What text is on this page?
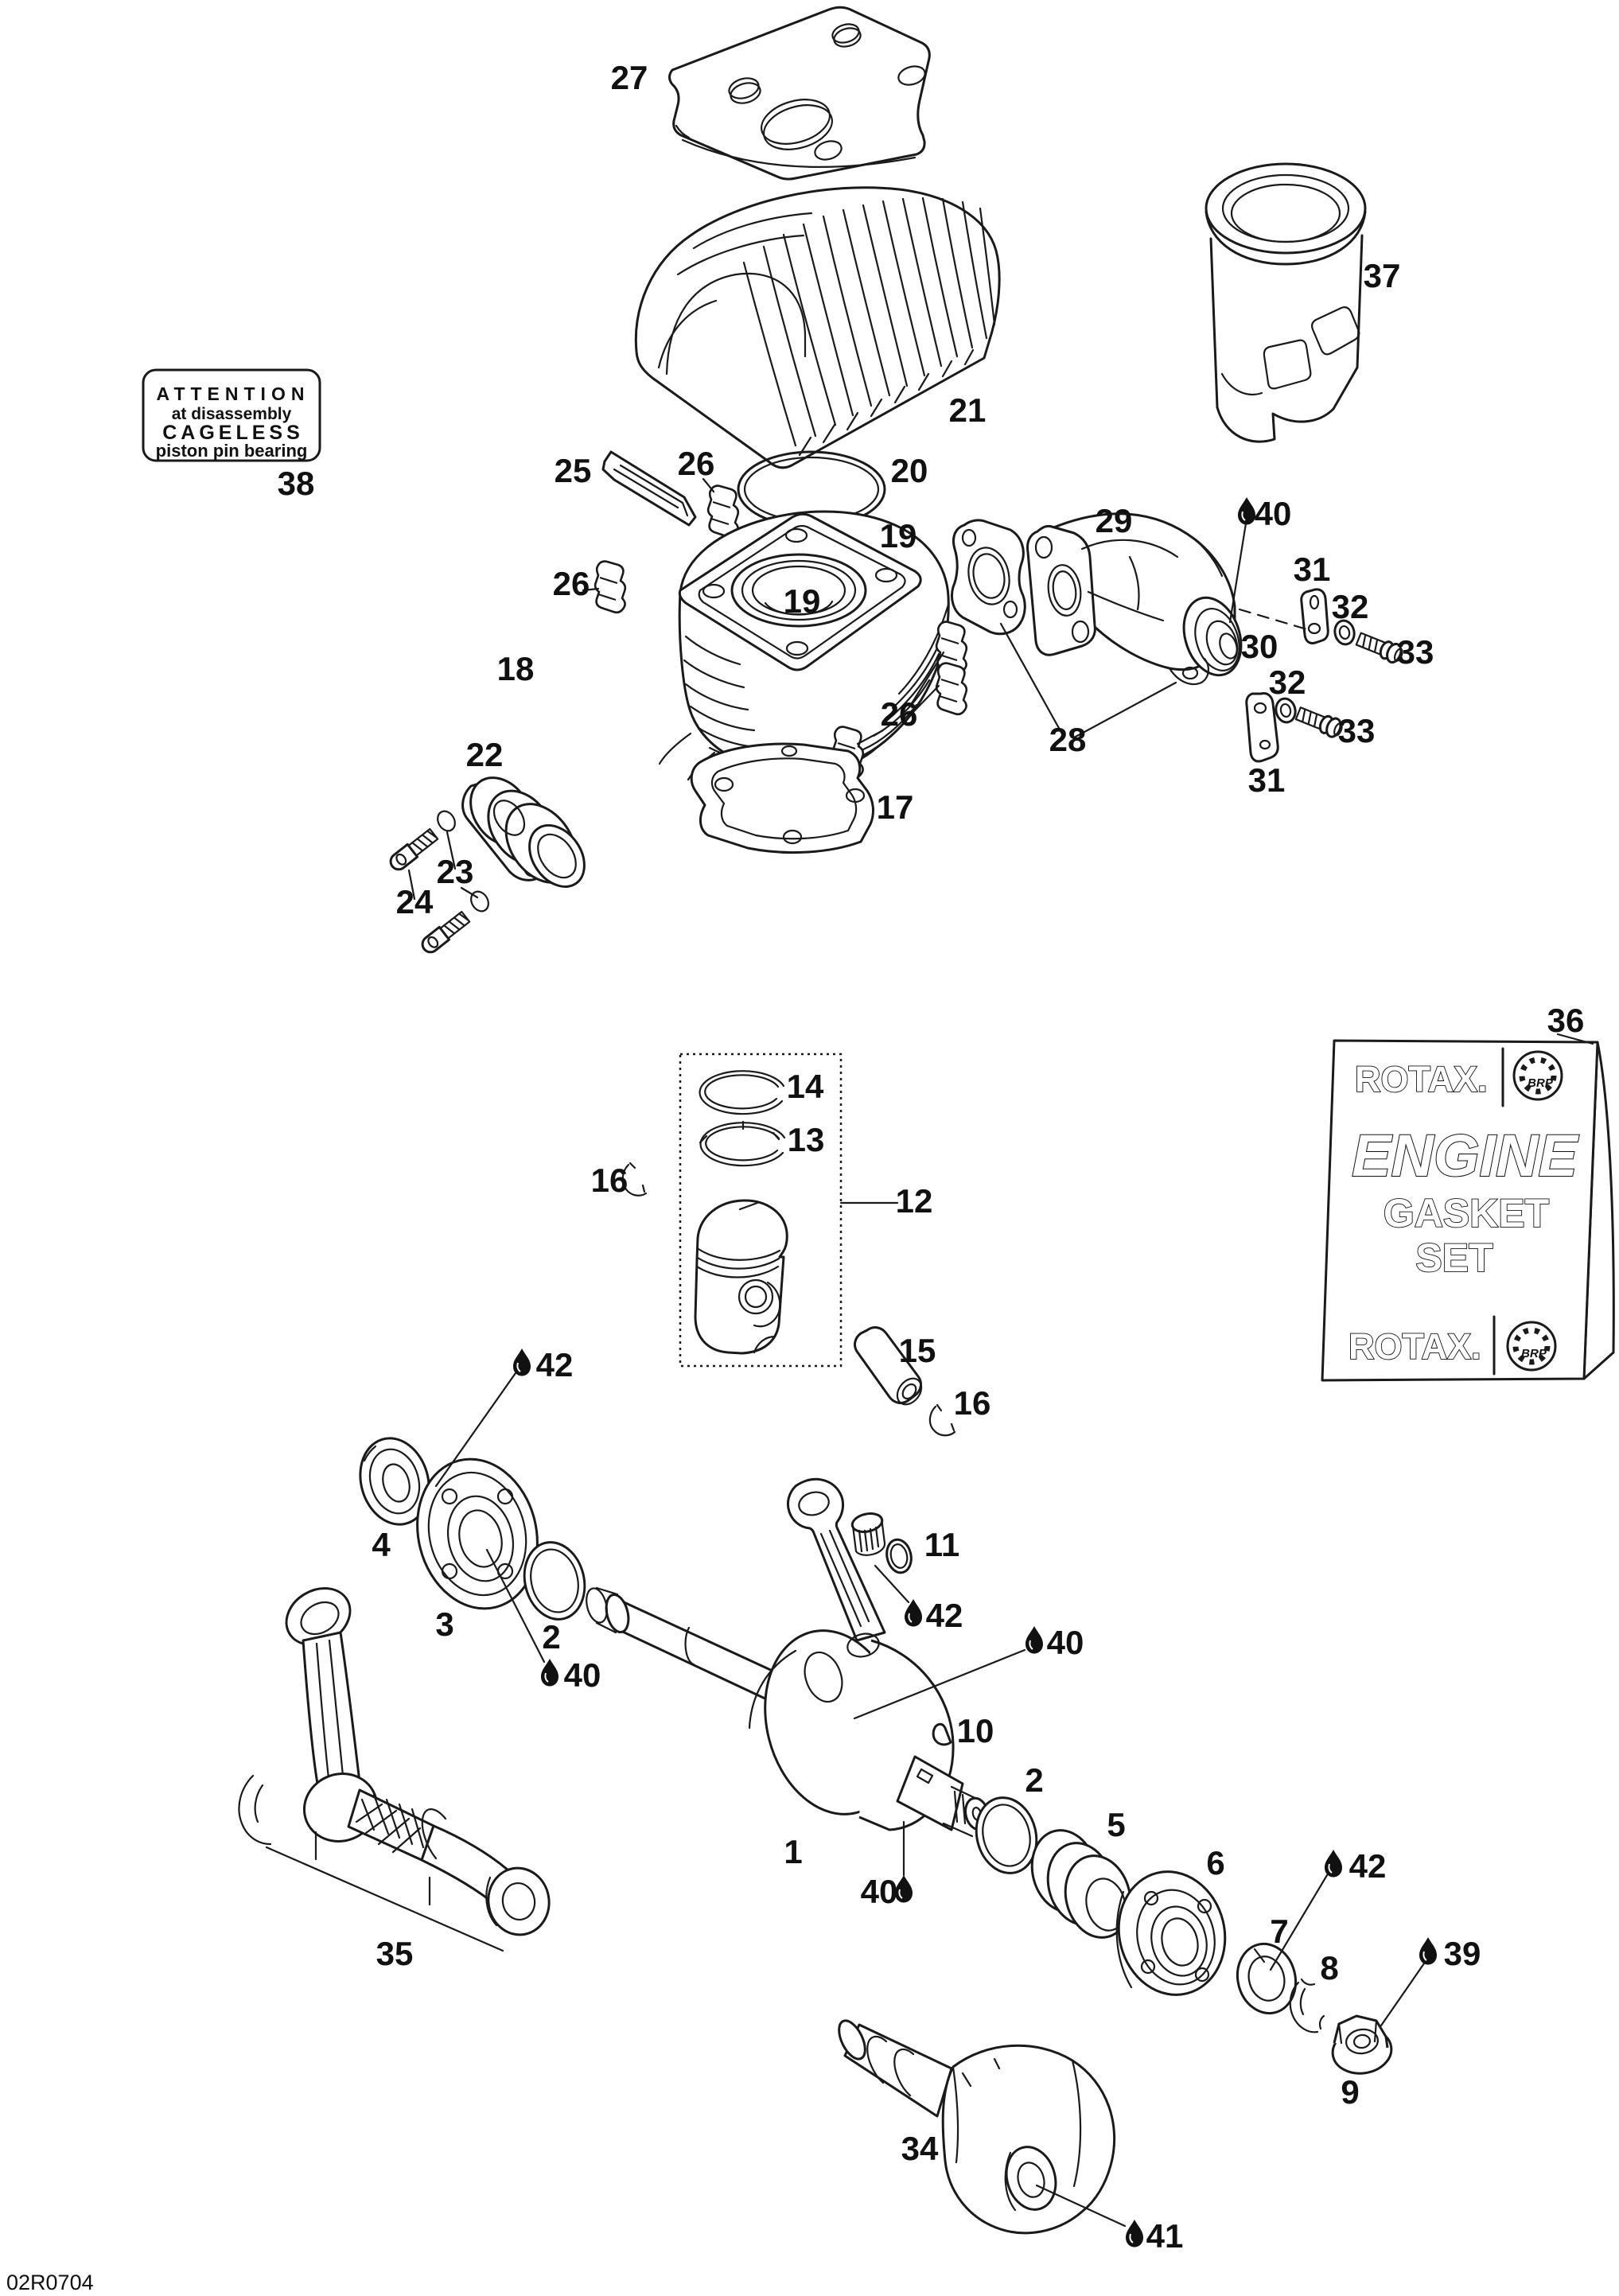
ATTENTION
at disassembly
CAGELESS
piston pin bearing
ROTAX.	BRP
ENGINE
GASKET
SET
ROTAX.	BRP
1
2
2
3
4
5
6
7
8
9
10
11
12
13
14
15
16
16
17
18
19
19
20
21
22
23
24
25	26
26
26
27
28
29
30
31
31
32
32
33
33
34
35
36
37
38
39
40
40
40
40
41
42
42
42
02R0704
